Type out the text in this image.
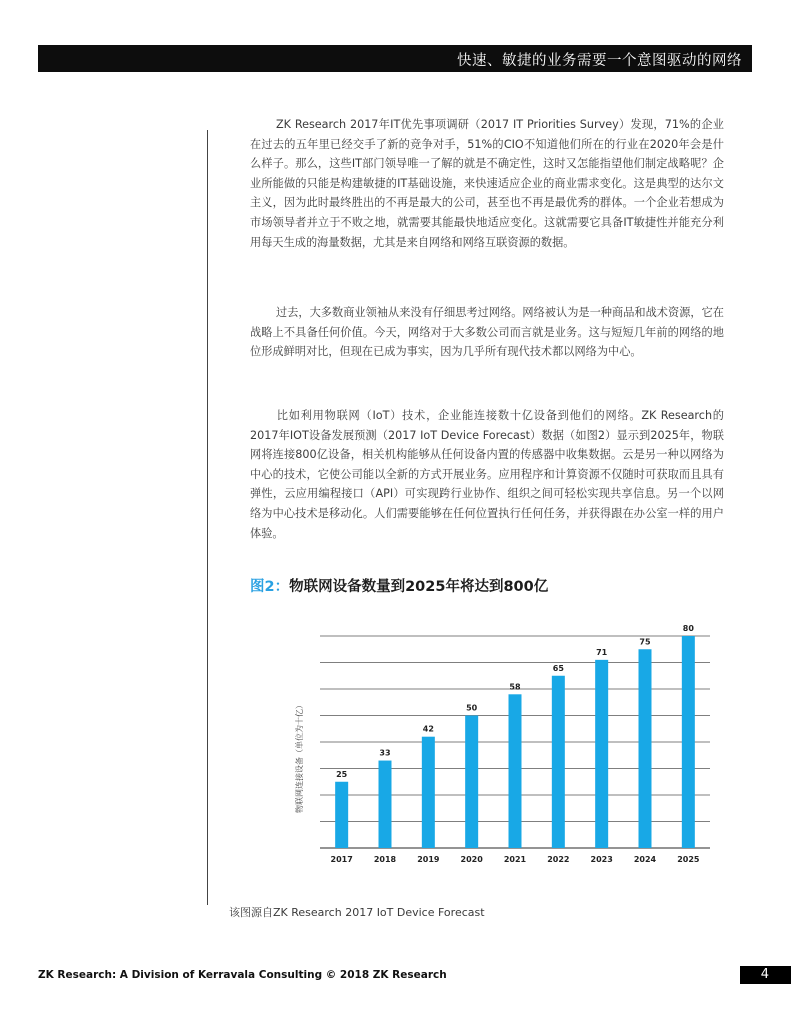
快速、敏捷的业务需要一个意图驱动的网络

ZK Research 2017年IT优先事项调研（2017 IT Priorities Survey）发现，71%的企业在过去的五年里已经交手了新的竞争对手，51%的CIO不知道他们所在的行业在2020年会是什么样子。那么，这些IT部门领导唯一了解的就是不确定性，这时又怎能指望他们制定战略呢？企业所能做的只能是构建敏捷的IT基础设施，来快速适应企业的商业需求变化。这是典型的达尔文主义，因为此时最终胜出的不再是最大的公司，甚至也不再是最优秀的群体。一个企业若想成为市场领导者并立于不败之地，就需要其能最快地适应变化。这就需要它具备IT敏捷性并能充分利用每天生成的海量数据，尤其是来自网络和网络互联资源的数据。

过去，大多数商业领袖从来没有仔细思考过网络。网络被认为是一种商品和战术资源，它在战略上不具备任何价值。今天，网络对于大多数公司而言就是业务。这与短短几年前的网络的地位形成鲜明对比，但现在已成为事实，因为几乎所有现代技术都以网络为中心。

比如利用物联网（IoT）技术，企业能连接数十亿设备到他们的网络。ZK Research的2017年IOT设备发展预测（2017 IoT Device Forecast）数据（如图2）显示到2025年，物联网将连接800亿设备，相关机构能够从任何设备内置的传感器中收集数据。云是另一种以网络为中心的技术，它使公司能以全新的方式开展业务。应用程序和计算资源不仅随时可获取而且具有弹性，云应用编程接口（API）可实现跨行业协作、组织之间可轻松实现共享信息。另一个以网络为中心技术是移动化。人们需要能够在任何位置执行任何任务，并获得跟在办公室一样的用户体验。

图2：物联网设备数量到2025年将达到800亿
物联网连接设备（单位为十亿）	25
2017
33
2018
42
2019
50
2020
58
2021
65
2022
71
2023
75
2024
80
2025
该图源自ZK Research 2017 IoT Device Forecast
ZK Research: A Division of Kerravala Consulting © 2018 ZK Research	4
